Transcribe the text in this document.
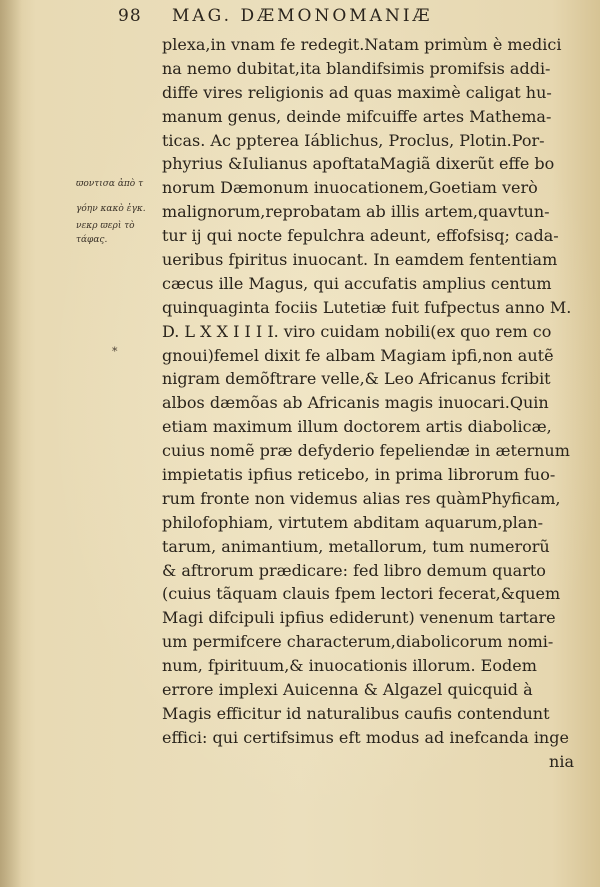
98 MAG. DÆMONOMANIÆ
ϖοντισα ἀπὸ τ
γόην κακὸ ἐγκ.
νεκρ ϖερὶ τὸ
τάφας.
*
plexa,in vnam fe redegit.Natam primùm è medici
na nemo dubitat,ita blandifsimis promifsis addi-
diffe vires religionis ad quas maximè caligat hu-
manum genus, deinde mifcuiffe artes Mathema-
ticas. Ac ppterea Iáblichus, Proclus, Plotin.Por-
phyrius &Iulianus apoftataMagiã dixerũt effe bo
norum Dæmonum inuocationem,Goetiam verò
malignorum,reprobatam ab illis artem,quavtun-
tur ij qui nocte fepulchra adeunt, effofsisq; cada-
ueribus fpiritus inuocant. In eamdem fententiam
cæcus ille Magus, qui accufatis amplius centum
quinquaginta fociis Lutetiæ fuit fufpectus anno M.
D. L X X I I I I. viro cuidam nobili(ex quo rem co
gnoui)femel dixit fe albam Magiam ipfi,non autẽ
nigram demõftrare velle,& Leo Africanus fcribit
albos dæmõas ab Africanis magis inuocari.Quin
etiam maximum illum doctorem artis diabolicæ,
cuius nomẽ præ defyderio fepeliendæ in æternum
impietatis ipfius reticebo, in prima librorum fuo-
rum fronte non videmus alias res quàmPhyficam,
philofophiam, virtutem abditam aquarum,plan-
tarum, animantium, metallorum, tum numerorũ
& aftrorum prædicare: fed libro demum quarto
(cuius tãquam clauis fpem lectori fecerat,&quem
Magi difcipuli ipfius ediderunt) venenum tartare
um permifcere characterum,diabolicorum nomi-
num, fpirituum,& inuocationis illorum. Eodem
errore implexi Auicenna & Algazel quicquid à
Magis efficitur id naturalibus caufis contendunt
effici: qui certifsimus eft modus ad inefcanda inge
nia
